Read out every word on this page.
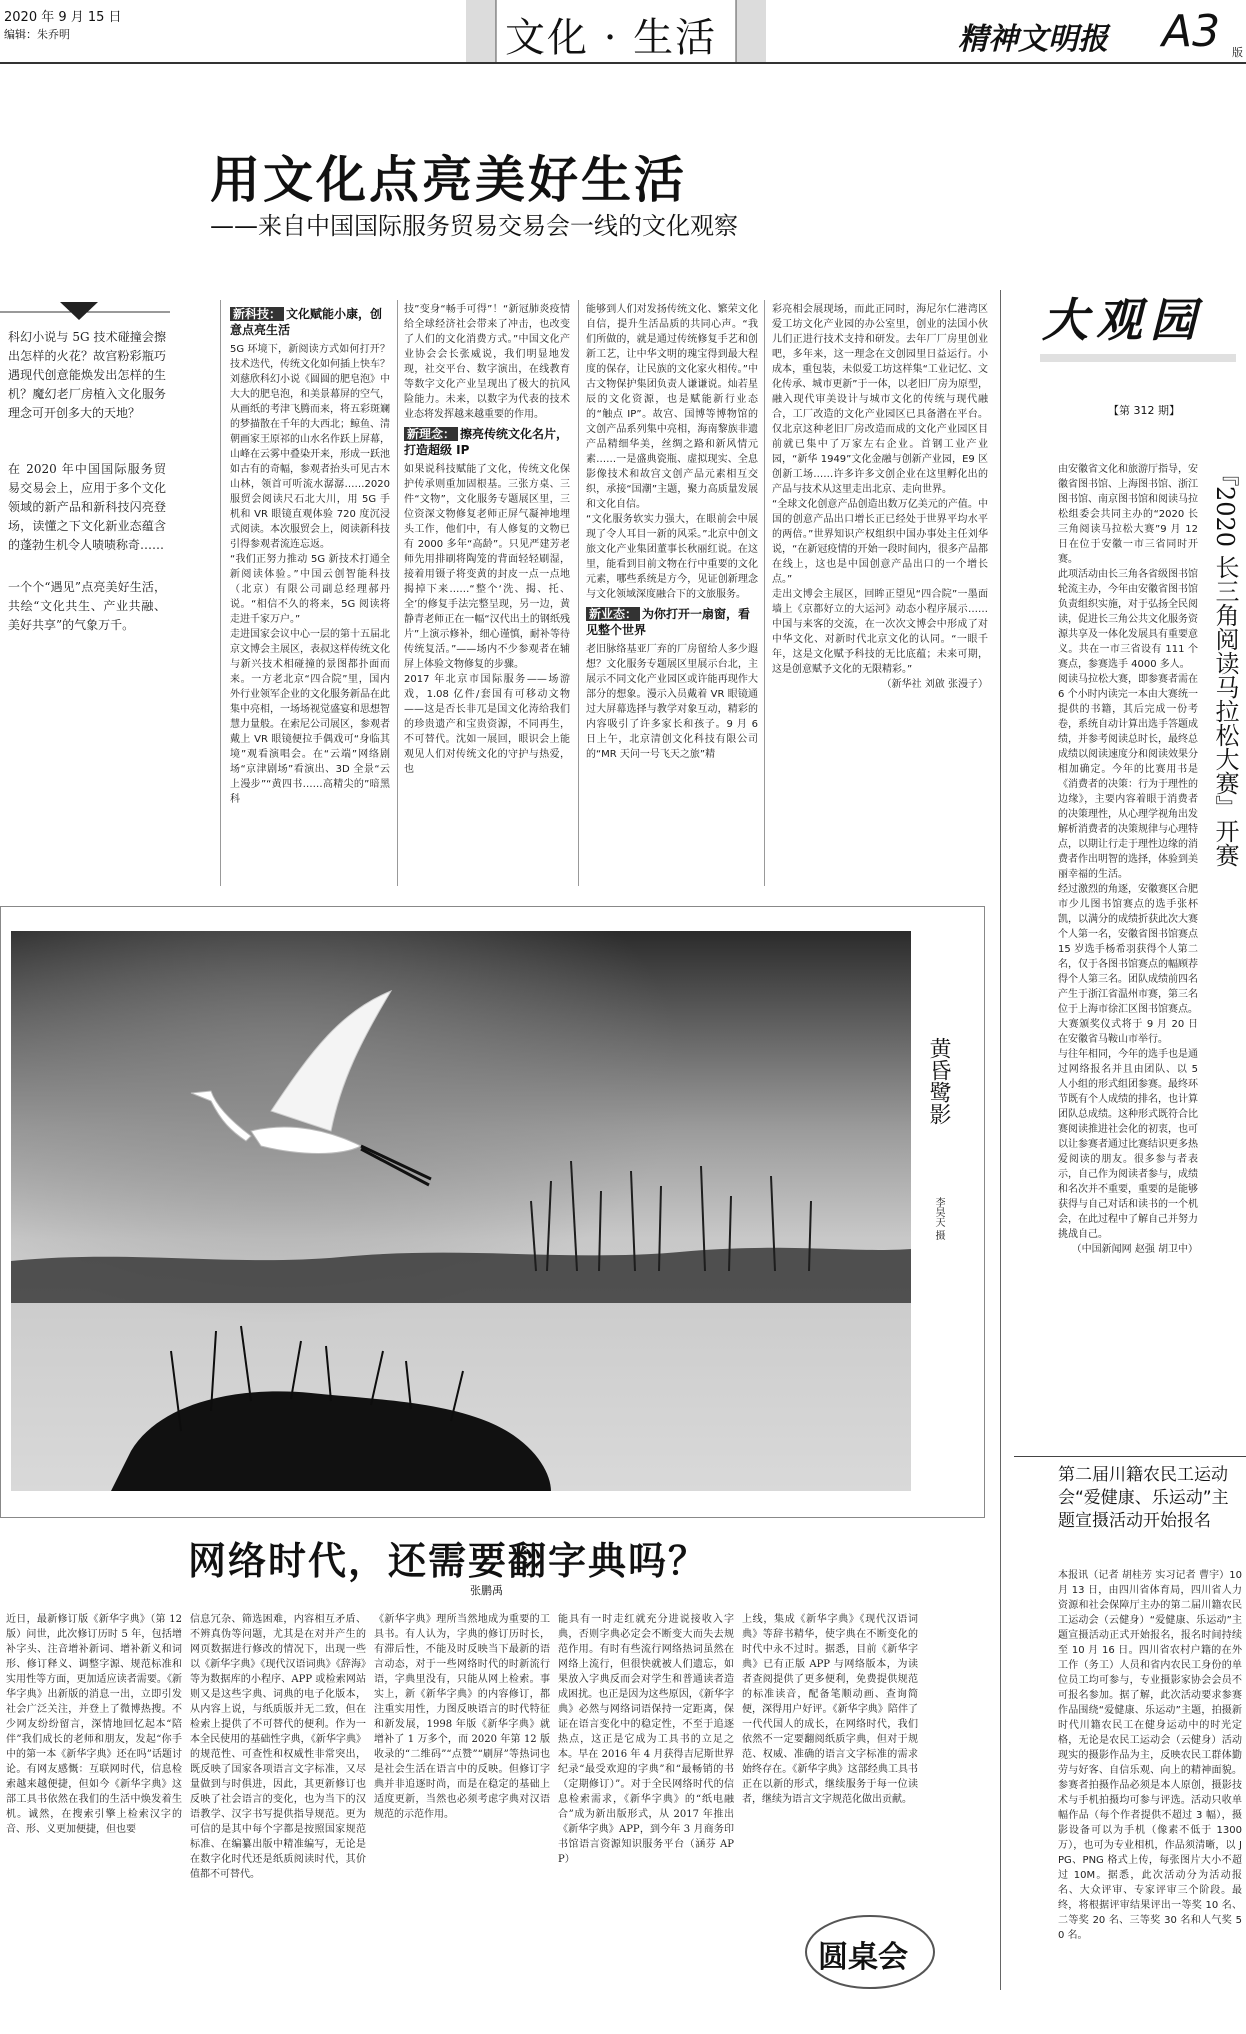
2020 年 9 月 15 日
编辑：朱乔明	文化 · 生活	精神文明报 A3 版
用文化点亮美好生活
——来自中国国际服务贸易交易会一线的文化观察
科幻小说与 5G 技术碰撞会擦出怎样的火花？故宫粉彩瓶巧遇现代创意能焕发出怎样的生机？魔幻老厂房植入文化服务理念可开创多大的天地？
在 2020 年中国国际服务贸易交易会上，应用于多个文化领域的新产品和新科技闪亮登场，读懂之下文化新业态蕴含的蓬勃生机令人啧啧称奇……
一个个“遇见”点亮美好生活，共绘“文化共生、产业共融、美好共享”的气象万千。
新科技： 文化赋能小康，创意点亮生活
5G 环境下，新阅读方式如何打开？技术迭代，传统文化如何插上快车？刘慈欣科幻小说《圆圆的肥皂泡》中大大的肥皂泡，和美景幕屏的空气，从画纸的考津飞腾而来，将五彩斑斓的梦描散在千年的大西北；鲸鱼、清朝画家王原祁的山水名作跃上屏幕，山峰在云雾中叠染开来，形成一跃池如古有的奇幅，参观者抬头可见古木山林，领首可听流水潺潺……2020 服贸会阅读尺石北大川，用 5G 手机和 VR 眼镜直观体验 720 度沉浸式阅读。本次服贸会上，阅读新科技引得参观者流连忘返。
“我们正努力推动 5G 新技术打通全新阅读体验。”中国云创智能科技（北京）有限公司副总经理郝丹说。“相信不久的将来，5G 阅读将走进千家万户。”
走进国家会议中心一层的第十五届北京文博会主展区，表叔这样传统文化与新兴技术相碰撞的景图都扑面而来。一方老北京“四合院”里，国内外行业领军企业的文化服务新品在此集中亮相，一场场视觉盛宴和思想智慧力量般。在索尼公司展区，参观者戴上 VR 眼镜便拉手偶戏可“身临其境”观看演唱会。在“云端”网络剧场“京津剧场”看演出、3D 全景“云上漫步”“黄四书……高精尖的”暗黑科
技”变身“畅手可得”！“新冠肺炎疫情给全球经济社会带来了冲击，也改变了人们的文化消费方式。”中国文化产业协会会长张威说，我们明显地发现，社交平台、数字演出，在线教育等数字文化产业呈现出了极大的抗风险能力。未来，以数字为代表的技术业态将发挥越来越重要的作用。
新理念： 擦亮传统文化名片，打造超级 IP
如果说科技赋能了文化，传统文化保护传承则重加固根基。三张方桌、三件“文物”，文化服务专题展区里，三位资深文物修复老师正屏气凝神地埋头工作，他们中，有人修复的文物已有 2000 多年“高龄”。只见严建芳老师先用排刷将陶笼的背面轻轻刷湿，接着用镊子将变黄的封皮一点一点地揭掉下来……“整个‘洗、揭、托、全’的修复手法完整呈现，另一边，黄静青老师正在一幅“汉代出土的钢纸残片”上演示修补，细心谨慎，耐补等待传统复活。”——场内不少参观者在辅屏上体验文物修复的步骤。
2017 年北京市国际服务——场游戏，1.08 亿件/套国有可移动文物——这是否长非兀是国文化涛给我们的珍贵遗产和宝贵资源，不同再生，不可替代。沈如一展回，眼识会上能观见人们对传统文化的守护与热爱，也
能够到人们对发扬传统文化、繁荣文化自信，提升生活品质的共同心声。“我们所做的，就是通过传统修复手艺和创新工艺，让中华文明的瑰宝得到最大程度的保存，让民族的文化家火相传。”中古文物保护集团负责人谦谦说。灿若星辰的文化资源，也是赋能新行业态的“触点 IP”。故宫、国博等博物馆的文创产品系列集中亮相，海南黎族非遗产品精细华美，丝绸之路和新风情元素……一是盛典瓷瓶、虚拟现实、全息影像技术和故宫文创产品元素相互交织，承接“国潮”主题，聚力高质量发展和文化自信。
“文化服务软实力强大，在眼前会中展现了令人耳目一新的风采。”北京中创文旅文化产业集团董事长秋丽红说。在这里，能看到目前文物在行中重要的文化元素，哪些系统是方今，见证创新理念与文化领域深度融合下的文旅服务。
新业态： 为你打开一扇窗，看见整个世界
老旧脉络基亚厂弃的厂房留给人多少遐想？文化服务专题展区里展示台北，主展示不同文化产业园区或许能再现作大部分的想象。漫示入员戴着 VR 眼镜通过大屏幕选择与教学对象互动，精彩的内容吸引了许多家长和孩子。9 月 6 日上午，北京清创文化科技有限公司的“MR 天问一号飞天之旅”精
彩亮相会展现场，而此正同时，海尼尔仁港湾区爱工坊文化产业园的办公室里，创业的法国小伙儿们正进行技术支持和研发。去年厂厂房里创业吧，多年来，这一理念在文创园里日益运行。小成本，重包装，未似爱工坊这样集“工业记忆、文化传承、城市更新”于一体，以老旧厂房为原型，融入现代审美设计与城市文化的传统与现代融合，工厂改造的文化产业园区已具备潜在平台。仅北京这种老旧厂房改造而成的文化产业园区目前就已集中了万家左右企业。首钢工业产业园，“新华 1949”文化金融与创新产业园，E9 区创新工场……许多许多文创企业在这里孵化出的产品与技术从这里走出北京、走向世界。
“全球文化创意产品创造出数万亿美元的产值。中国的创意产品出口增长正已经处于世界平均水平的两倍。”世界知识产权组织中国办事处主任刘华说，“在新冠疫情的开始一段时间内，很多产品都在线上，这也是中国创意产品出口的一个增长点。”
走出文博会主展区，回眸正望见“四合院”一墨面墙上《京都好立的大运河》动态小程序展示……中国与来客的交流，在一次次文博会中形成了对中华文化、对新时代北京文化的认同。“一眼千年，这是文化赋予科技的无比底蕴；未来可期，这是创意赋予文化的无限精彩。”
（新华社 刘啟 张漫子）
黄昏鹭影
李昊天 摄
大观园
【第 312 期】
『2020 长三角阅读马拉松大赛』开赛
由安徽省文化和旅游厅指导，安徽省图书馆、上海图书馆、浙江图书馆、南京图书馆和阅读马拉松组委会共同主办的“2020 长三角阅读马拉松大赛”9 月 12 日在位于安徽一市三省同时开赛。
此项活动由长三角各省级图书馆轮流主办，今年由安徽省图书馆负责组织实施，对于弘扬全民阅读，促进长三角公共文化服务资源共享及一体化发展具有重要意义。共在一市三省设有 111 个赛点，参赛选手 4000 多人。
阅读马拉松大赛，即参赛者需在 6 个小时内读完一本由大赛统一提供的书籍，其后完成一份考卷，系统自动计算出选手答题成绩，并参考阅读总时长，最终总成绩以阅读速度分和阅读效果分相加确定。今年的比赛用书是《消费者的决策：行为于理性的边缘》，主要内容着眼于消费者的决策理性，从心理学视角出发解析消费者的决策规律与心理特点，以期让行走于理性边缘的消费者作出明智的选择，体验到美丽幸福的生活。
经过激烈的角逐，安徽赛区合肥市少儿图书馆赛点的选手张杯凯，以满分的成绩折获此次大赛个人第一名，安徽省图书馆赛点 15 岁选手杨希羽获得个人第二名，仅于各图书馆赛点的幅顾荐得个人第三名。团队成绩前四名产生于浙江省温州市赛，第三名位于上海市徐汇区图书馆赛点。大赛颁奖仪式将于 9 月 20 日在安徽省马鞍山市举行。
与往年相同，今年的选手也是通过网络报名并且由团队、以 5 人小组的形式组团参赛。最终环节既有个人成绩的排名，也计算团队总成绩。这种形式既符合比赛阅读推进社会化的初衷，也可以让参赛者通过比赛结识更多热爱阅读的朋友。很多参与者表示，自己作为阅读者参与，成绩和名次并不重要，重要的是能够获得与自己对话和读书的一个机会，在此过程中了解自己并努力挑战自己。
（中国新闻网 赵强 胡卫中）
第二届川籍农民工运动会“爱健康、乐运动”主题宣摄活动开始报名
本报讯（记者 胡桂芳 实习记者 曹宇）10 月 13 日，由四川省体育局，四川省人力资源和社会保障厅主办的第二届川籍农民工运动会（云健身）“爱健康、乐运动”主题宣摄活动正式开始报名，报名时间持续至 10 月 16 日。四川省农村户籍的在外工作（务工）人员和省内农民工身份的单位员工均可参与，专业摄影家协会会员不可报名参加。据了解，此次活动要求参赛作品围绕“爱健康、乐运动”主题，拍摄新时代川籍农民工在健身运动中的时光定格，无论是农民工运动会（云健身）活动现实的摄影作品为主，反映农民工群体勤劳与好客、自信乐观、向上的精神面貌。参赛者拍摄作品必须是本人原创，摄影技术与手机拍摄均可参与评选。活动只收单幅作品（每个作者提供不超过 3 幅），摄影设备可以为手机（像素不低于 1300 万），也可为专业相机，作品须清晰，以 JPG、PNG 格式上传，每张图片大小不超过 10M。据悉，此次活动分为活动报名、大众评审、专家评审三个阶段。最终，将根据评审结果评出一等奖 10 名、二等奖 20 名、三等奖 30 名和人气奖 50 名。
网络时代，还需要翻字典吗？
张鹏禹
近日，最新修订版《新华字典》（第 12 版）问世，此次修订历时 5 年，包括增补字头、注音增补新词、增补新义和词形、修订释义、调整字源、规范标准和实用性等方面，更加适应读者需要。《新华字典》出新版的消息一出，立即引发社会广泛关注，并登上了微博热搜。不少网友纷纷留言，深情地回忆起本“陪伴”我们成长的老师和朋友，发起“你手中的第一本《新华字典》还在吗”话题讨论。有网友感慨：互联网时代，信息检索越来越便捷，但如今《新华字典》这部工具书依然在我们的生活中焕发着生机。诚然，在搜索引擎上检索汉字的音、形、义更加便捷，但也要
信息冗杂、筛选困难，内容相互矛盾、不辨真伪等问题，尤其是在对并产生的网页数据进行修改的情况下，出现一些以《新华字典》《现代汉语词典》《辞海》等为数据库的小程序、APP 或检索网站则又是这些字典、词典的电子化版本，从内容上说，与纸质版并无二致，但在检索上提供了不可替代的便利。作为一本全民使用的基础性字典，《新华字典》的规范性、可查性和权威性非常突出，既反映了国家各项语言文字标准，又尽量做到与时俱进，因此，其更新修订也反映了社会语言的变化，也为当下的汉语教学、汉字书写提供指导规范。更为可信的是其中每个字都是按照国家规范标准、在编纂出版中精准编写，无论是在数字化时代还是纸质阅读时代，其价值都不可替代。
《新华字典》理所当然地成为重要的工具书。有人认为，字典的修订历时长，有滞后性，不能及时反映当下最新的语言动态，对于一些网络时代的时新流行语，字典里没有，只能从网上检索。事实上，新《新华字典》的内容修订，都注重实用性，力图反映语言的时代特征和新发展，1998 年版《新华字典》就增补了 1 万多个，而 2020 年第 12 版收录的“二维码”“点赞”“刷屏”等热词也是社会生活在语言中的反映。但修订字典并非追逐时尚，而是在稳定的基础上适度更新，当然也必须考虑字典对汉语规范的示范作用。
能具有一时走红就充分进说接收入字典，否则字典必定会不断变大而失去规范作用。有时有些流行网络热词虽然在网络上流行，但很快就被人们遗忘，如果放入字典反而会对学生和普通读者造成困扰。也正是因为这些原因，《新华字典》必然与网络词语保持一定距离，保证在语言变化中的稳定性，不至于追逐热点，这正是它成为工具书的立足之本。早在 2016 年 4 月获得吉尼斯世界纪录“最受欢迎的字典”和“最畅销的书（定期修订）”。对于全民网络时代的信息检索需求，《新华字典》的“纸电融合”成为新出版形式，从 2017 年推出《新华字典》APP，到今年 3 月商务印书馆语言资源知识服务平台（涵芬 APP）
上线，集成《新华字典》《现代汉语词典》等辞书精华，使字典在不断变化的时代中永不过时。据悉，目前《新华字典》已有正版 APP 与网络版本，为读者查阅提供了更多便利，免费提供规范的标准读音，配备笔顺动画、查询简便，深得用户好评。《新华字典》陪伴了一代代国人的成长，在网络时代，我们依然不一定要翻阅纸质字典，但对于规范、权威、准确的语言文字标准的需求始终存在。《新华字典》这部经典工具书正在以新的形式，继续服务于每一位读者，继续为语言文字规范化做出贡献。
圆桌会
